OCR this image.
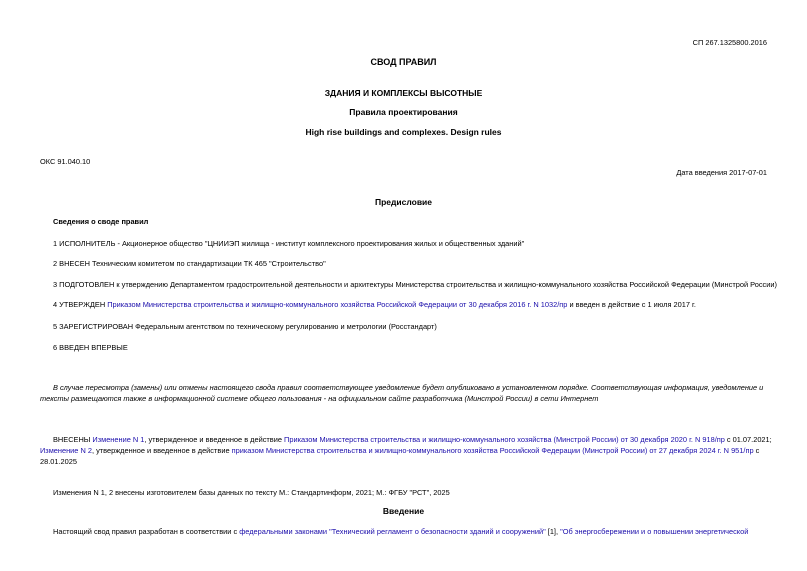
СП 267.1325800.2016
СВОД ПРАВИЛ
ЗДАНИЯ И КОМПЛЕКСЫ ВЫСОТНЫЕ
Правила проектирования
High rise buildings and complexes. Design rules
ОКС 91.040.10
Дата введения 2017-07-01
Предисловие
Сведения о своде правил
1 ИСПОЛНИТЕЛЬ - Акционерное общество "ЦНИИЭП жилища - институт комплексного проектирования жилых и общественных зданий"
2 ВНЕСЕН Техническим комитетом по стандартизации ТК 465 "Строительство"
3 ПОДГОТОВЛЕН к утверждению Департаментом градостроительной деятельности и архитектуры Министерства строительства и жилищно-коммунального хозяйства Российской Федерации (Минстрой России)
4 УТВЕРЖДЕН Приказом Министерства строительства и жилищно-коммунального хозяйства Российской Федерации от 30 декабря 2016 г. N 1032/пр и введен в действие с 1 июля 2017 г.
5 ЗАРЕГИСТРИРОВАН Федеральным агентством по техническому регулированию и метрологии (Росстандарт)
6 ВВЕДЕН ВПЕРВЫЕ
В случае пересмотра (замены) или отмены настоящего свода правил соответствующее уведомление будет опубликовано в установленном порядке. Соответствующая информация, уведомление и
тексты размещаются также в информационной системе общего пользования - на официальном сайте разработчика (Минстрой России) в сети Интернет
ВНЕСЕНЫ Изменение N 1, утвержденное и введенное в действие Приказом Министерства строительства и жилищно-коммунального хозяйства (Минстрой России) от 30 декабря 2020 г. N 918/пр с 01.07.2021;
Изменение N 2, утвержденное и введенное в действие приказом Министерства строительства и жилищно-коммунального хозяйства Российской Федерации (Минстрой России) от 27 декабря 2024 г. N 951/пр с
28.01.2025
Изменения N 1, 2 внесены изготовителем базы данных по тексту М.: Стандартинформ, 2021; М.: ФГБУ "РСТ", 2025
Введение
Настоящий свод правил разработан в соответствии с федеральными законами "Технический регламент о безопасности зданий и сооружений" [1], "Об энергосбережении и о повышении энергетической
